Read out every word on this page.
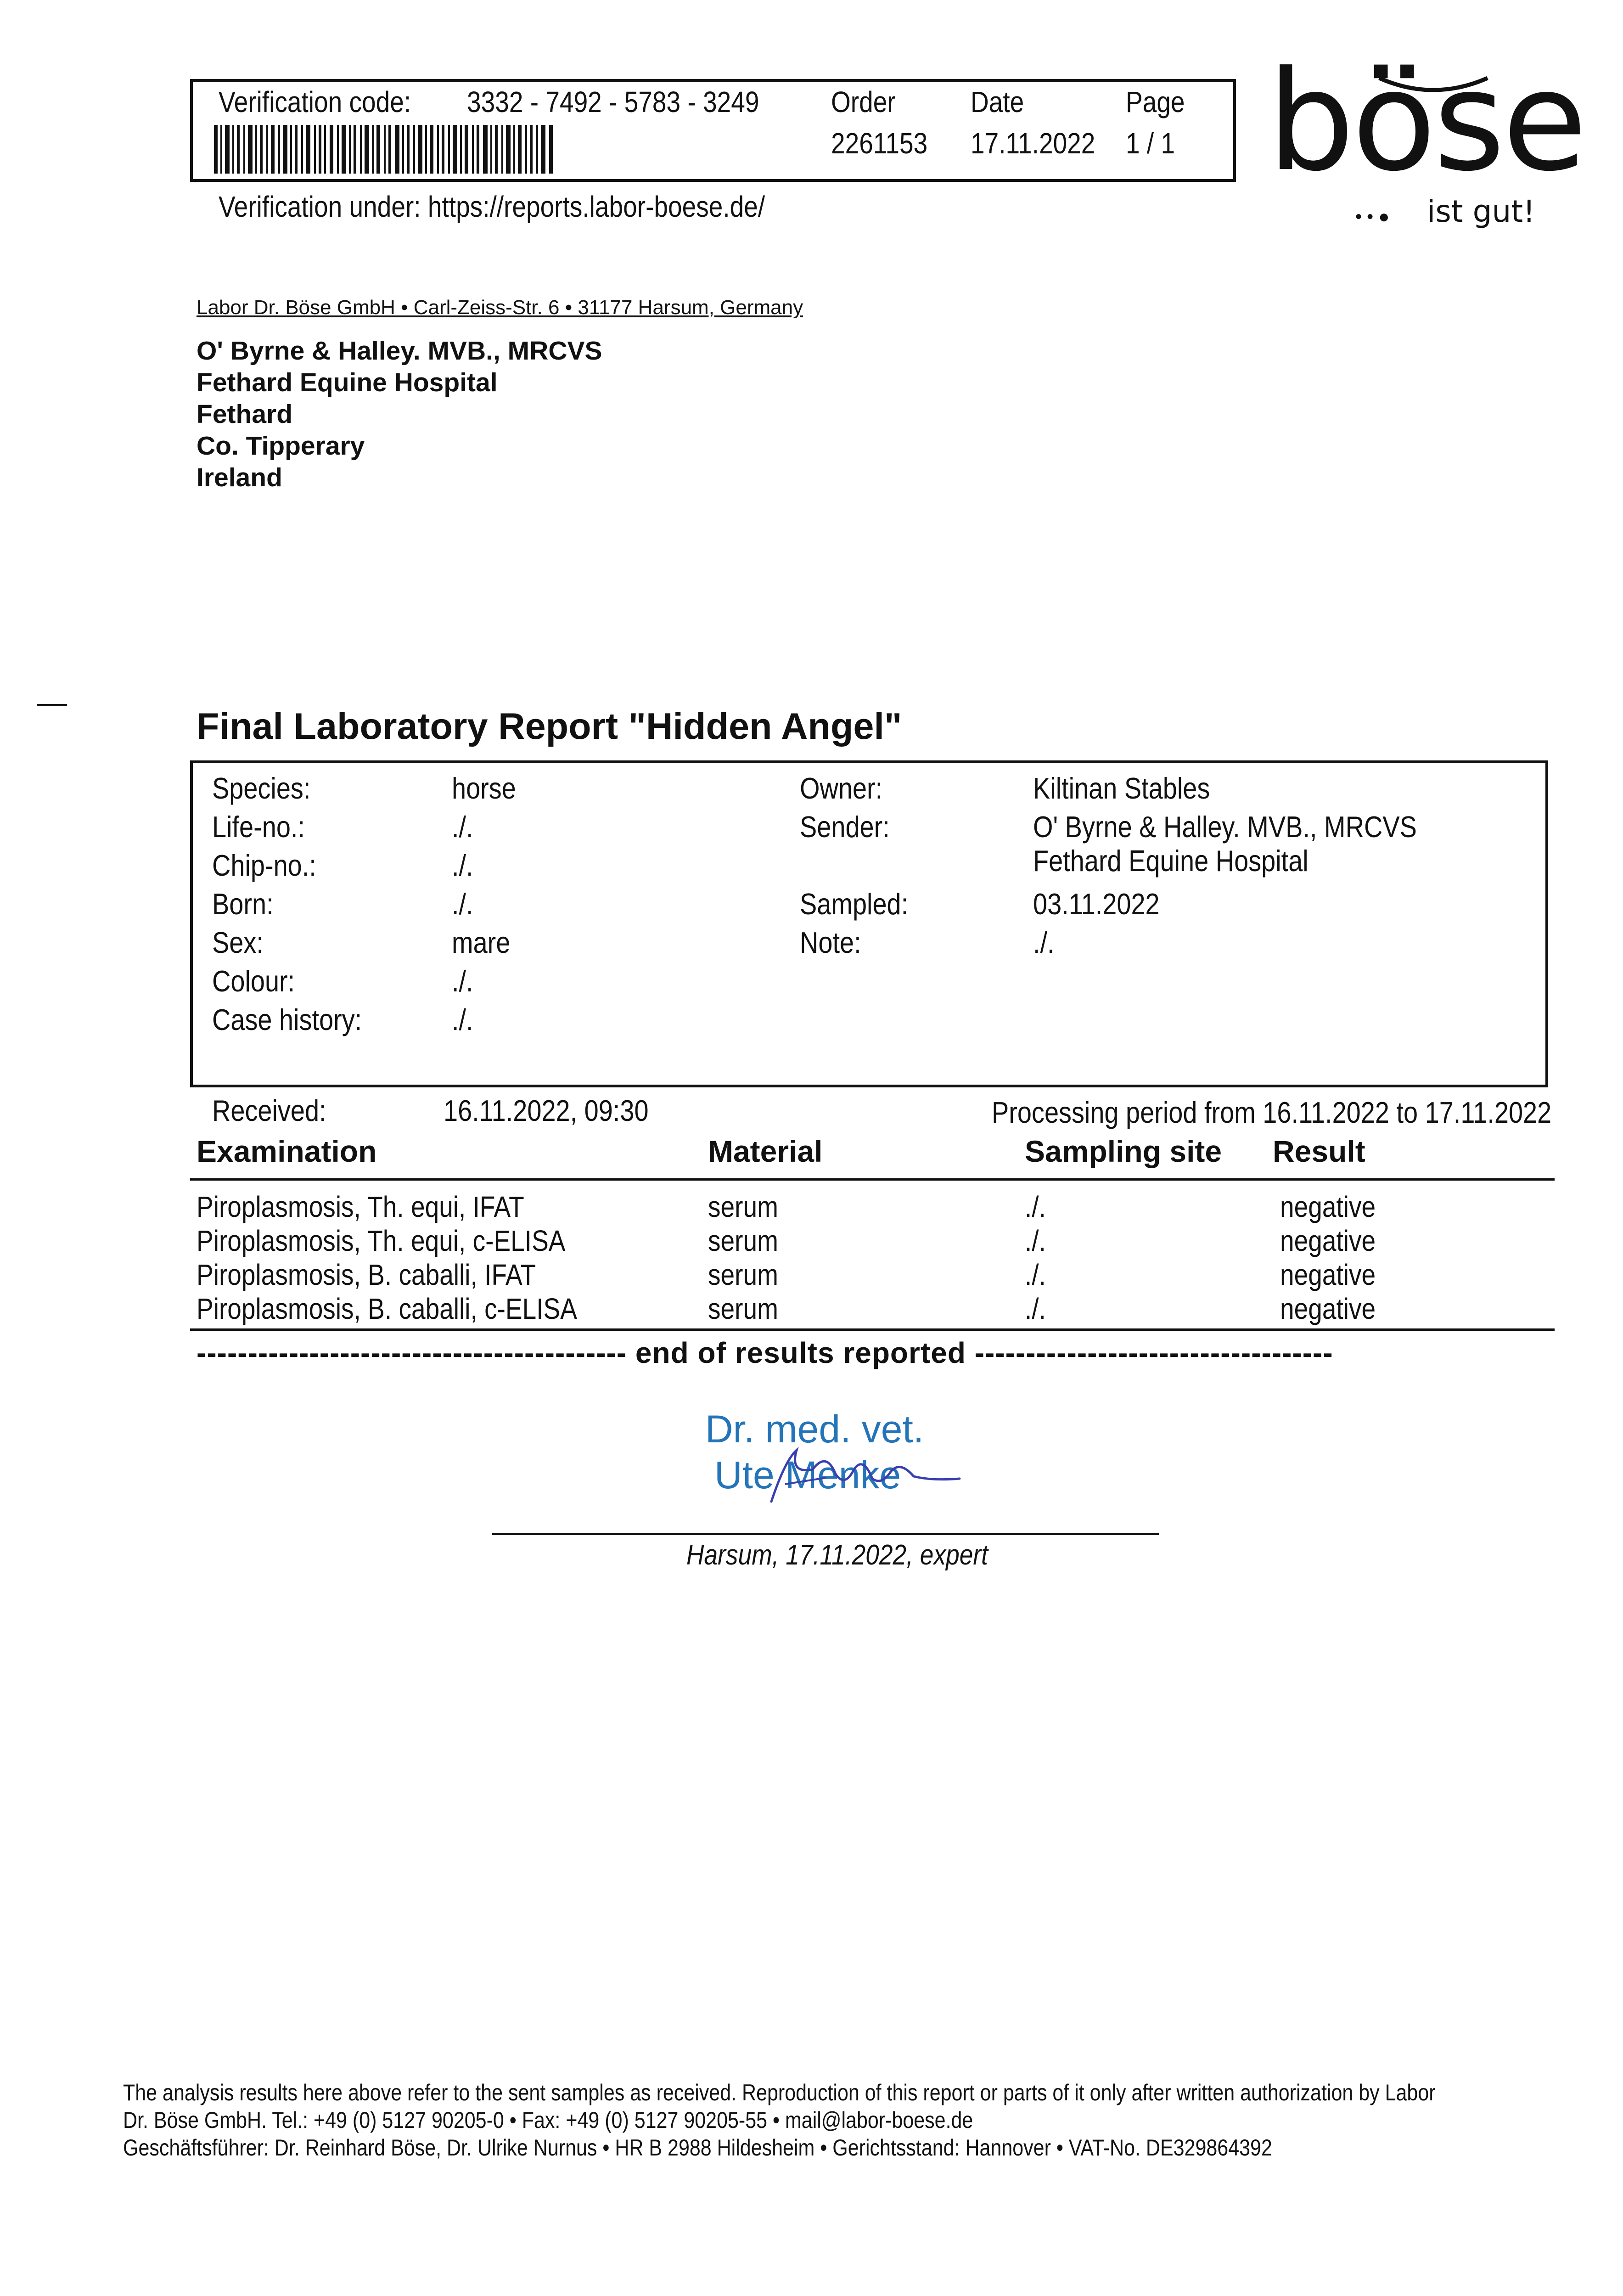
Verification code: 3332 - 7492 - 5783 - 3249 Order
2261153
Date
17.11.2022
Page
1 / 1
Verification under: https://reports.labor-boese.de/
böse
• • ● ist gut!
Labor Dr. Böse GmbH • Carl-Zeiss-Str. 6 • 31177 Harsum, Germany
O' Byrne & Halley. MVB., MRCVS
Fethard Equine Hospital
Fethard
Co. Tipperary
Ireland
Final Laboratory Report "Hidden Angel"
Species:	horse
Life-no.:	./.
Chip-no.:	./.
Born:	./.
Sex:	mare
Colour:	./.
Case history:	./.
Owner:	Kiltinan Stables
Sender:	O' Byrne & Halley. MVB., MRCVS
Fethard Equine Hospital
Sampled:	03.11.2022
Note:	./.
Received:	16.11.2022, 09:30	Processing period from 16.11.2022 to 17.11.2022
Examination	Material	Sampling site Result
Piroplasmosis, Th. equi, IFAT	serum	./.	negative
Piroplasmosis, Th. equi, c-ELISA	serum	./.	negative
Piroplasmosis, B. caballi, IFAT	serum	./.	negative
Piroplasmosis, B. caballi, c-ELISA	serum	./.	negative
------------------------------------------ end of results reported -----------------------------------
Dr. med. vet.
Ute Menke
Harsum, 17.11.2022, expert
The analysis results here above refer to the sent samples as received. Reproduction of this report or parts of it only after written authorization by Labor
Dr. Böse GmbH. Tel.: +49 (0) 5127 90205-0 • Fax: +49 (0) 5127 90205-55 • mail@labor-boese.de
Geschäftsführer: Dr. Reinhard Böse, Dr. Ulrike Nurnus • HR B 2988 Hildesheim • Gerichtsstand: Hannover • VAT-No. DE329864392
